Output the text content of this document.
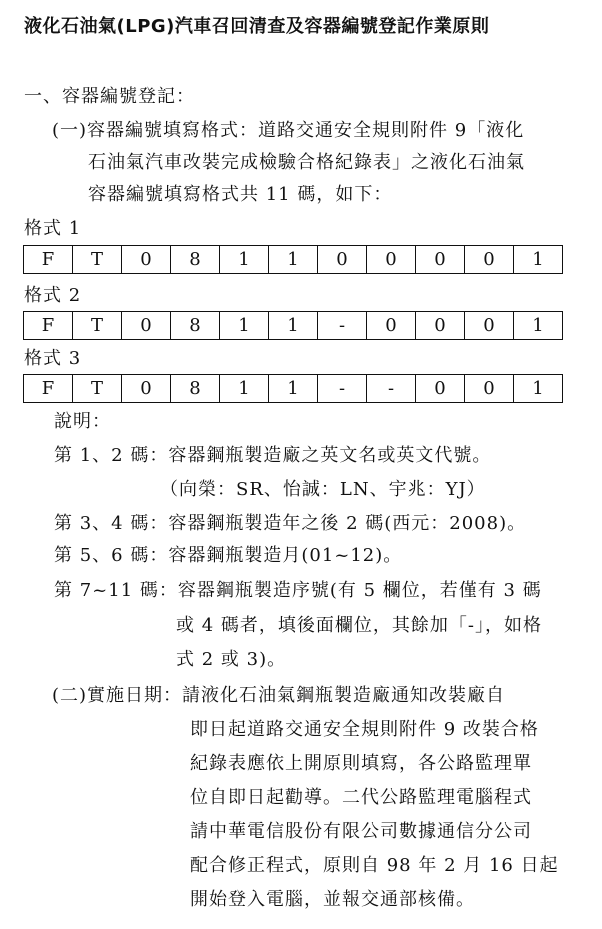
液化石油氣(LPG)汽車召回清查及容器編號登記作業原則
一、容器編號登記：
(一)容器編號填寫格式：道路交通安全規則附件 9「液化
石油氣汽車改裝完成檢驗合格紀錄表」之液化石油氣
容器編號填寫格式共 11 碼，如下：
格式 1
F	T	0	8	1	1	0	0	0	0	1
格式 2
F	T	0	8	1	1	-	0	0	0	1
格式 3
F	T	0	8	1	1	-	-	0	0	1
說明：
第 1、2 碼：容器鋼瓶製造廠之英文名或英文代號。
（向榮：SR、怡誠：LN、宇兆：YJ）
第 3、4 碼：容器鋼瓶製造年之後 2 碼(西元：2008)。
第 5、6 碼：容器鋼瓶製造月(01~12)。
第 7~11 碼：容器鋼瓶製造序號(有 5 欄位，若僅有 3 碼
或 4 碼者，填後面欄位，其餘加「-」，如格
式 2 或 3)。
(二)實施日期：請液化石油氣鋼瓶製造廠通知改裝廠自
即日起道路交通安全規則附件 9 改裝合格
紀錄表應依上開原則填寫，各公路監理單
位自即日起勸導。二代公路監理電腦程式
請中華電信股份有限公司數據通信分公司
配合修正程式，原則自 98 年 2 月 16 日起
開始登入電腦，並報交通部核備。
